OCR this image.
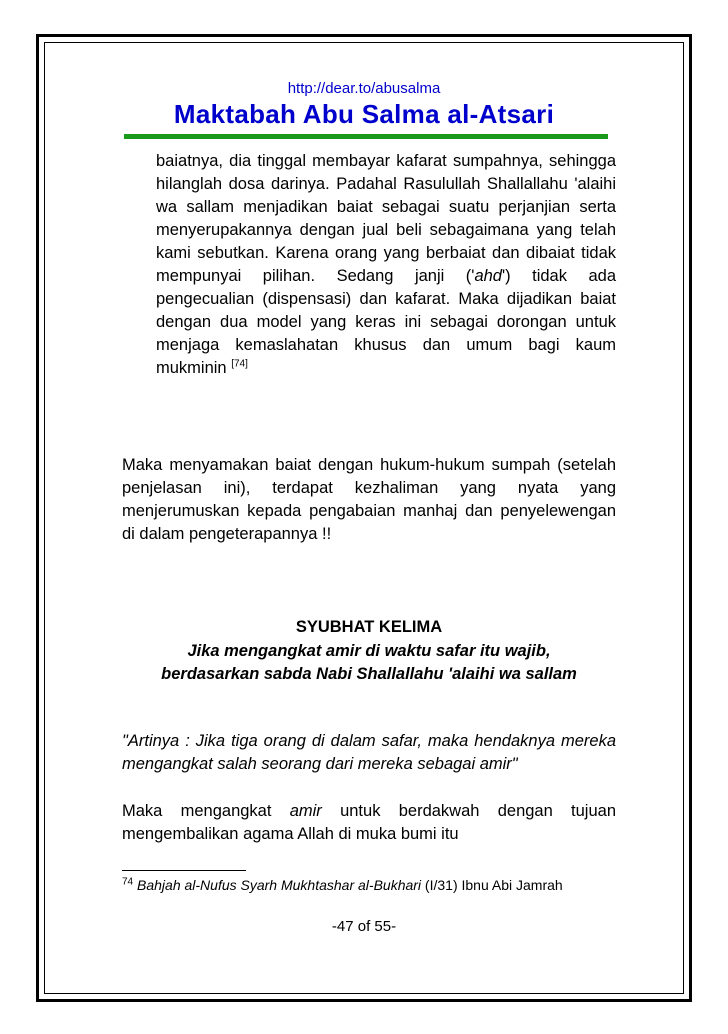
http://dear.to/abusalma
Maktabah Abu Salma al-Atsari

baiatnya, dia tinggal membayar kafarat sumpahnya, sehingga hilanglah dosa darinya. Padahal Rasulullah Shallallahu 'alaihi wa sallam menjadikan baiat sebagai suatu perjanjian serta menyerupakannya dengan jual beli sebagaimana yang telah kami sebutkan. Karena orang yang berbaiat dan dibaiat tidak mempunyai pilihan. Sedang janji ('ahd') tidak ada pengecualian (dispensasi) dan kafarat. Maka dijadikan baiat dengan dua model yang keras ini sebagai dorongan untuk menjaga kemaslahatan khusus dan umum bagi kaum mukminin [74]

Maka menyamakan baiat dengan hukum-hukum sumpah (setelah penjelasan ini), terdapat kezhaliman yang nyata yang menjerumuskan kepada pengabaian manhaj dan penyelewengan di dalam pengeterapannya !!

SYUBHAT KELIMA
Jika mengangkat amir di waktu safar itu wajib, berdasarkan sabda Nabi Shallallahu 'alaihi wa sallam

"Artinya : Jika tiga orang di dalam safar, maka hendaknya mereka mengangkat salah seorang dari mereka sebagai amir"

Maka mengangkat amir untuk berdakwah dengan tujuan mengembalikan agama Allah di muka bumi itu

$^{74}$ Bahjah al-Nufus Syarh Mukhtashar al-Bukhari (I/31) Ibnu Abi Jamrah
-47 of 55-
